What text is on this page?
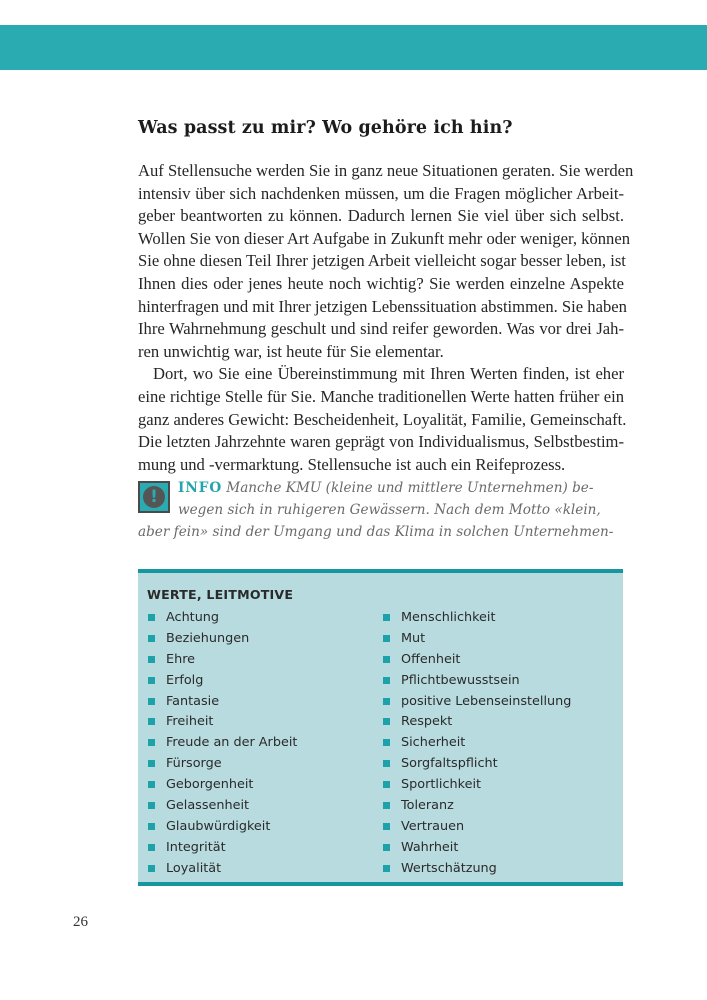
Was passt zu mir? Wo gehöre ich hin?
Auf Stellensuche werden Sie in ganz neue Situationen geraten. Sie werden
intensiv über sich nachdenken müssen, um die Fragen möglicher Arbeit-
geber beantworten zu können. Dadurch lernen Sie viel über sich selbst.
Wollen Sie von dieser Art Aufgabe in Zukunft mehr oder weniger, können
Sie ohne diesen Teil Ihrer jetzigen Arbeit vielleicht sogar besser leben, ist
Ihnen dies oder jenes heute noch wichtig? Sie werden einzelne Aspekte
hinterfragen und mit Ihrer jetzigen Lebenssituation abstimmen. Sie haben
Ihre Wahrnehmung geschult und sind reifer geworden. Was vor drei Jah-
ren unwichtig war, ist heute für Sie elementar.
Dort, wo Sie eine Übereinstimmung mit Ihren Werten finden, ist eher
eine richtige Stelle für Sie. Manche traditionellen Werte hatten früher ein
ganz anderes Gewicht: Bescheidenheit, Loyalität, Familie, Gemeinschaft.
Die letzten Jahrzehnte waren geprägt von Individualismus, Selbstbestim-
mung und -vermarktung. Stellensuche ist auch ein Reifeprozess.
!	INFO Manche KMU (kleine und mittlere Unternehmen) be-
wegen sich in ruhigeren Gewässern. Nach dem Motto «klein,
aber fein» sind der Umgang und das Klima in solchen Unternehmen-
WERTE, LEITMOTIVE
Achtung
Beziehungen
Ehre
Erfolg
Fantasie
Freiheit
Freude an der Arbeit
Fürsorge
Geborgenheit
Gelassenheit
Glaubwürdigkeit
Integrität
Loyalität
Menschlichkeit
Mut
Offenheit
Pflichtbewusstsein
positive Lebenseinstellung
Respekt
Sicherheit
Sorgfaltspflicht
Sportlichkeit
Toleranz
Vertrauen
Wahrheit
Wertschätzung
26
